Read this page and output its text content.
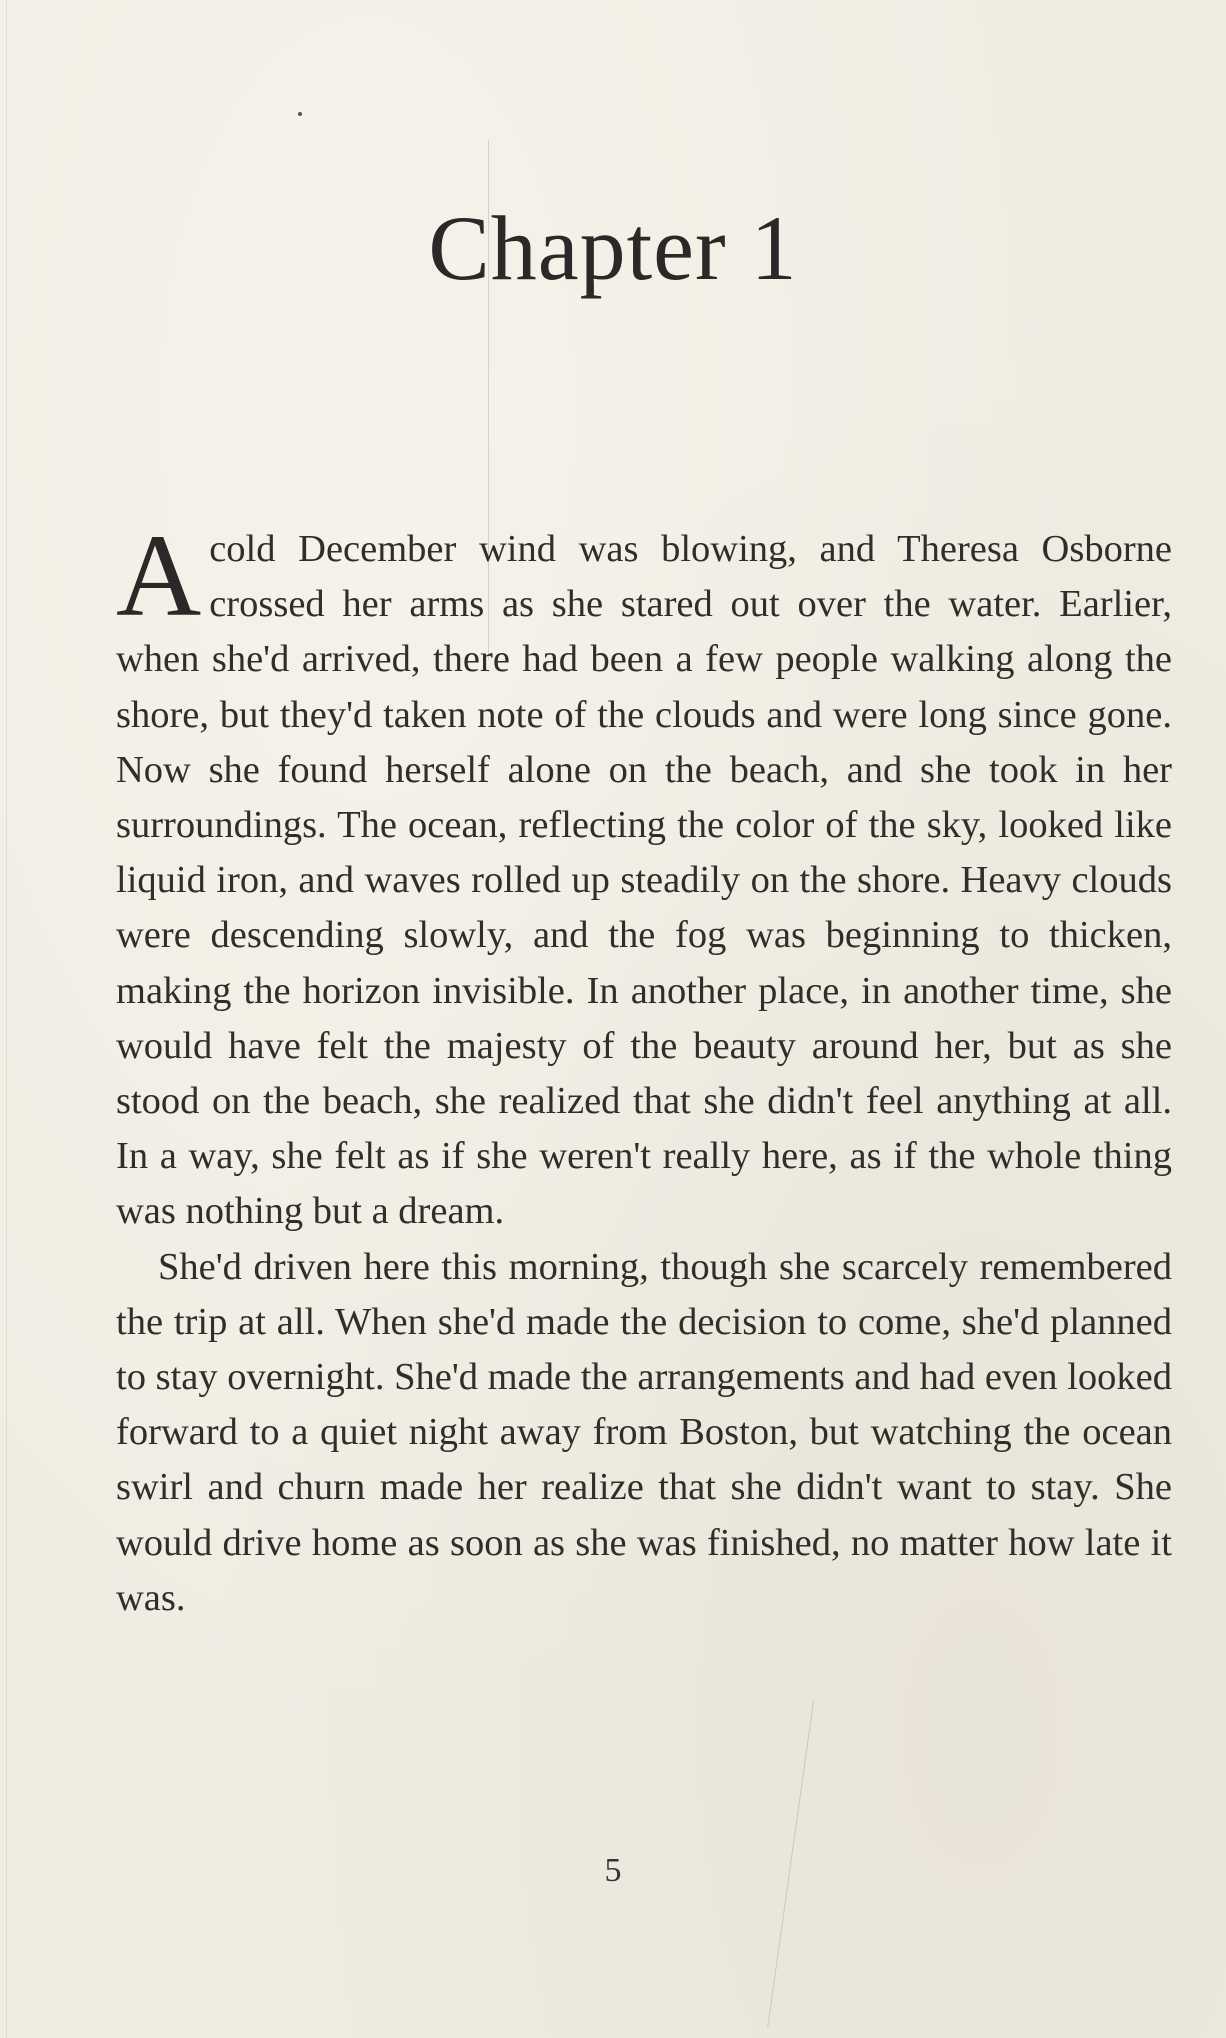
Chapter 1

Acold December wind was blowing, and Theresa Osborne crossed her arms as she stared out over the water. Earlier, when she'd arrived, there had been a few people walking along the shore, but they'd taken note of the clouds and were long since gone. Now she found herself alone on the beach, and she took in her surroundings. The ocean, reflecting the color of the sky, looked like liquid iron, and waves rolled up steadily on the shore. Heavy clouds were descending slowly, and the fog was beginning to thicken, making the horizon invisible. In another place, in another time, she would have felt the majesty of the beauty around her, but as she stood on the beach, she realized that she didn't feel anything at all. In a way, she felt as if she weren't really here, as if the whole thing was nothing but a dream.

She'd driven here this morning, though she scarcely remembered the trip at all. When she'd made the decision to come, she'd planned to stay overnight. She'd made the arrangements and had even looked forward to a quiet night away from Boston, but watching the ocean swirl and churn made her realize that she didn't want to stay. She would drive home as soon as she was finished, no matter how late it was.

5
